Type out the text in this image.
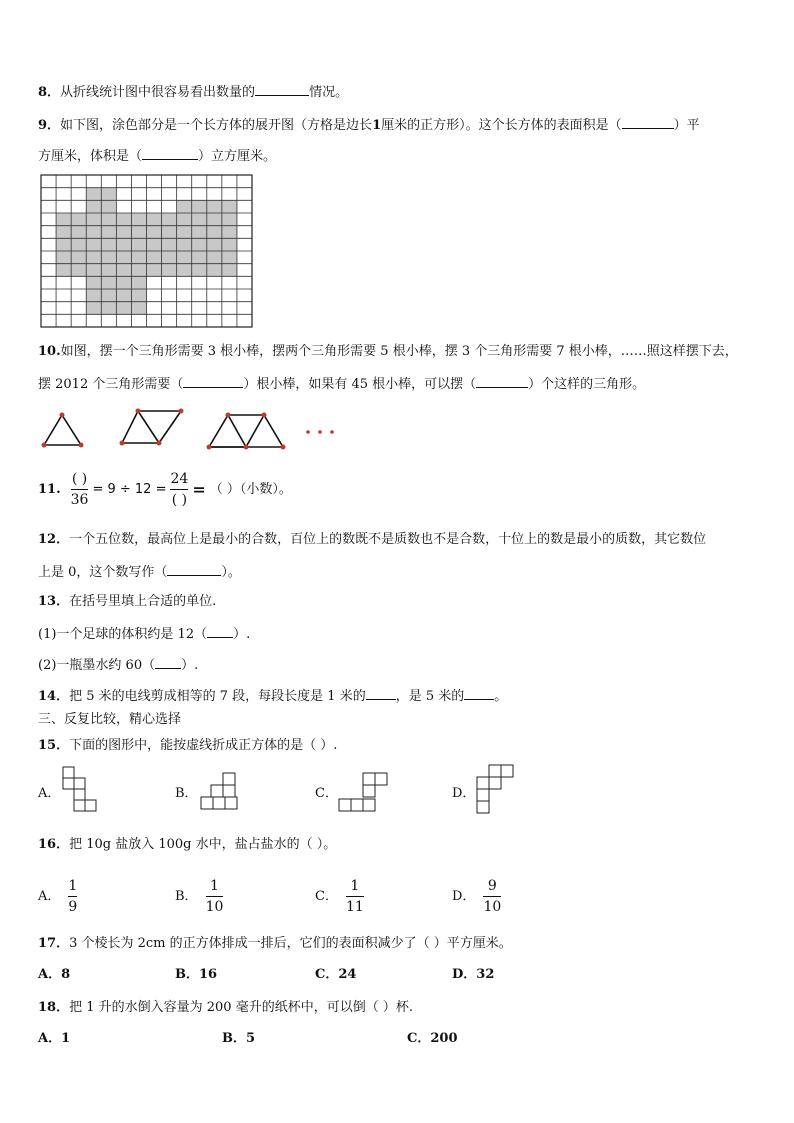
8．从折线统计图中很容易看出数量的	情况。
9．如下图，涂色部分是一个长方体的展开图（方格是边长1厘米的正方形）。这个长方体的表面积是（	）平
方厘米，体积是（	）立方厘米。
10.如图，摆一个三角形需要 3 根小棒，摆两个三角形需要 5 根小棒，摆 3 个三角形需要 7 根小棒，……照这样摆下去，
摆 2012 个三角形需要（	）根小棒，如果有 45 根小棒，可以摆（	）个这样的三角形。
11. $\frac{( )}{36} = 9 \div 12 = \frac{24}{( )}$ = （ ）（小数）。
12．一个五位数，最高位上是最小的合数，百位上的数既不是质数也不是合数，十位上的数是最小的质数，其它数位
上是 0，这个数写作（	）。
13．在括号里填上合适的单位.
(1)一个足球的体积约是 12（ ）.
(2)一瓶墨水约 60（ ）.
14．把 5 米的电线剪成相等的 7 段，每段长度是 1 米的 ，是 5 米的 。
三、反复比较，精心选择
15．下面的图形中，能按虚线折成正方体的是（ ）.
A．	B．	C．	D．
16．把 10g 盐放入 100g 水中，盐占盐水的（ ）。
A． $\frac{1}{9}$	B． $\frac{1}{10}$	C． $\frac{1}{11}$	D． $\frac{9}{10}$
17．3 个棱长为 2cm 的正方体排成一排后，它们的表面积减少了（ ）平方厘米。
A．8	B．16	C．24	D．32
18．把 1 升的水倒入容量为 200 毫升的纸杯中，可以倒（ ）杯.
A．1	B．5	C．200
